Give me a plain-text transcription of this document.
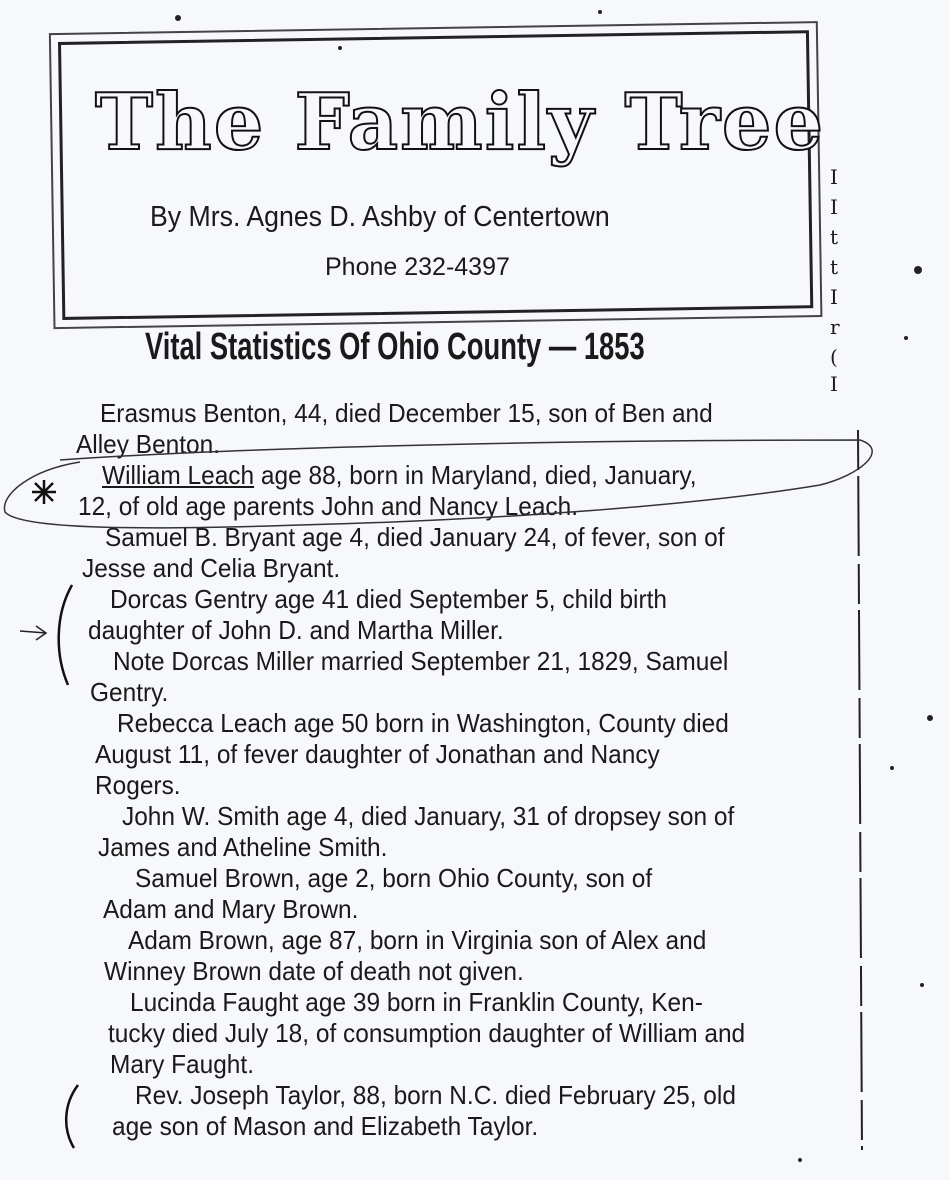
The Family Tree
By Mrs. Agnes D. Ashby of Centertown
Phone 232-4397
Vital Statistics Of Ohio County — 1853
Erasmus Benton, 44, died December 15, son of Ben and
Alley Benton.
William Leach age 88, born in Maryland, died, January,
12, of old age parents John and Nancy Leach.
Samuel B. Bryant age 4, died January 24, of fever, son of
Jesse and Celia Bryant.
Dorcas Gentry age 41 died September 5, child birth
daughter of John D. and Martha Miller.
Note Dorcas Miller married September 21, 1829, Samuel
Gentry.
Rebecca Leach age 50 born in Washington, County died
August 11, of fever daughter of Jonathan and Nancy
Rogers.
John W. Smith age 4, died January, 31 of dropsey son of
James and Atheline Smith.
Samuel Brown, age 2, born Ohio County, son of
Adam and Mary Brown.
Adam Brown, age 87, born in Virginia son of Alex and
Winney Brown date of death not given.
Lucinda Faught age 39 born in Franklin County, Ken-
tucky died July 18, of consumption daughter of William and
Mary Faught.
Rev. Joseph Taylor, 88, born N.C. died February 25, old
age son of Mason and Elizabeth Taylor.
I
I
t
t
I
r
(
I
